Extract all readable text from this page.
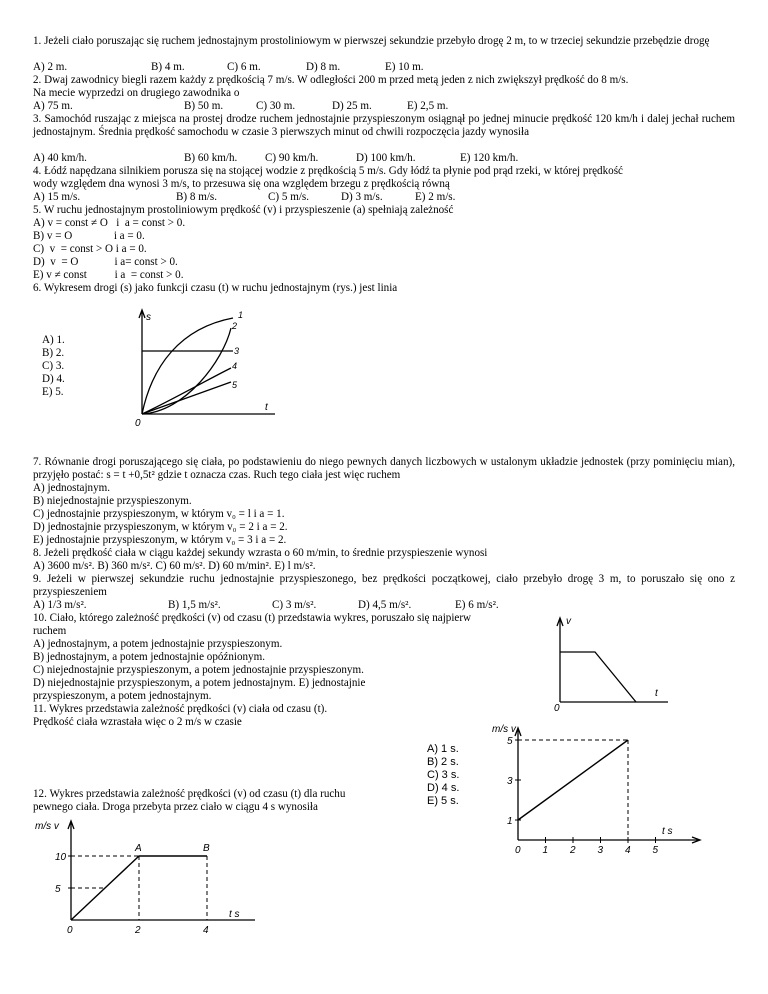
1. Jeżeli ciało poruszając się ruchem jednostajnym prostoliniowym w pierwszej sekundzie przebyło drogę 2 m, to w trzeciej sekundzie przebędzie drogę
A) 2 m.	B) 4 m.	C) 6 m.	D) 8 m.	E) 10 m.
2. Dwaj zawodnicy biegli razem każdy z prędkością 7 m/s. W odległości 200 m przed metą jeden z nich zwiększył prędkość do 8 m/s.
Na mecie wyprzedzi on drugiego zawodnika o
A) 75 m.	B) 50 m.	C) 30 m.	D) 25 m.	E) 2,5 m.
3. Samochód ruszając z miejsca na prostej drodze ruchem jednostajnie przyspieszonym osiągnął po jednej minucie prędkość 120 km/h i dalej jechał ruchem jednostajnym. Średnia prędkość samochodu w czasie 3 pierwszych minut od chwili rozpoczęcia jazdy wynosiła
A) 40 km/h.	B) 60 km/h. C) 90 km/h.	D) 100 km/h.	E) 120 km/h.
4. Łódź napędzana silnikiem porusza się na stojącej wodzie z prędkością 5 m/s. Gdy łódź ta płynie pod prąd rzeki, w której prędkość
wody względem dna wynosi 3 m/s, to przesuwa się ona względem brzegu z prędkością równą
A) 15 m/s.	B) 8 m/s.	C) 5 m/s.	D) 3 m/s.	E) 2 m/s.
5. W ruchu jednostajnym prostoliniowym prędkość (v) i przyspieszenie (a) spełniają zależność
A) v = const ≠ O   i  a = const > 0.
B) v = O               i a = 0.
C)  v  = const > O i a = 0.
D)  v  = O             i a= const > 0.
E) v ≠ const          i a  = const > 0.
6. Wykresem drogi (s) jako funkcji czasu (t) w ruchu jednostajnym (rys.) jest linia
A) 1.
B) 2.
C) 3.
D) 4.
E) 5.
s
t
0
1
2
3
4
5
7. Równanie drogi poruszającego się ciała, po podstawieniu do niego pewnych danych liczbowych w ustalonym układzie jednostek (przy pominięciu mian), przyjęło postać: s = t +0,5t² gdzie t oznacza czas. Ruch tego ciała jest więc ruchem
A) jednostajnym.
B) niejednostajnie przyspieszonym.
C) jednostajnie przyspieszonym, w którym v₀ = l i a = 1.
D) jednostajnie przyspieszonym, w którym v₀ = 2 i a = 2.
E) jednostajnie przyspieszonym, w którym v₀ = 3 i a = 2.
8. Jeżeli prędkość ciała w ciągu każdej sekundy wzrasta o 60 m/min, to średnie przyspieszenie wynosi
A) 3600 m/s². B) 360 m/s². C) 60 m/s². D) 60 m/min². E) l m/s².
9. Jeżeli w pierwszej sekundzie ruchu jednostajnie przyspieszonego, bez prędkości początkowej, ciało przebyło drogę 3 m, to poruszało się ono z przyspieszeniem
A) 1/3 m/s².	B) 1,5 m/s².	C) 3 m/s².	D) 4,5 m/s².	E) 6 m/s².
10. Ciało, którego zależność prędkości (v) od czasu (t) przedstawia wykres, poruszało się najpierw
ruchem
A) jednostajnym, a potem jednostajnie przyspieszonym.
B) jednostajnym, a potem jednostajnie opóźnionym.
C) niejednostajnie przyspieszonym, a potem jednostajnie przyspieszonym.
D) niejednostajnie przyspieszonym, a potem jednostajnym. E) jednostajnie
przyspieszonym, a potem jednostajnym.
v
t
0
11. Wykres przedstawia zależność prędkości (v) ciała od czasu (t).
Prędkość ciała wzrastała więc o 2 m/s w czasie
A) 1 s.
B) 2 s.
C) 3 s.
D) 4 s.
E) 5 s.
m/s v
t s
0 1 2 3 4 5
1
3
5
12. Wykres przedstawia zależność prędkości (v) od czasu (t) dla ruchu
pewnego ciała. Droga przebyta przez ciało w ciągu 4 s wynosiła
m/s v
t s
5
10
0	2	4
A	B
